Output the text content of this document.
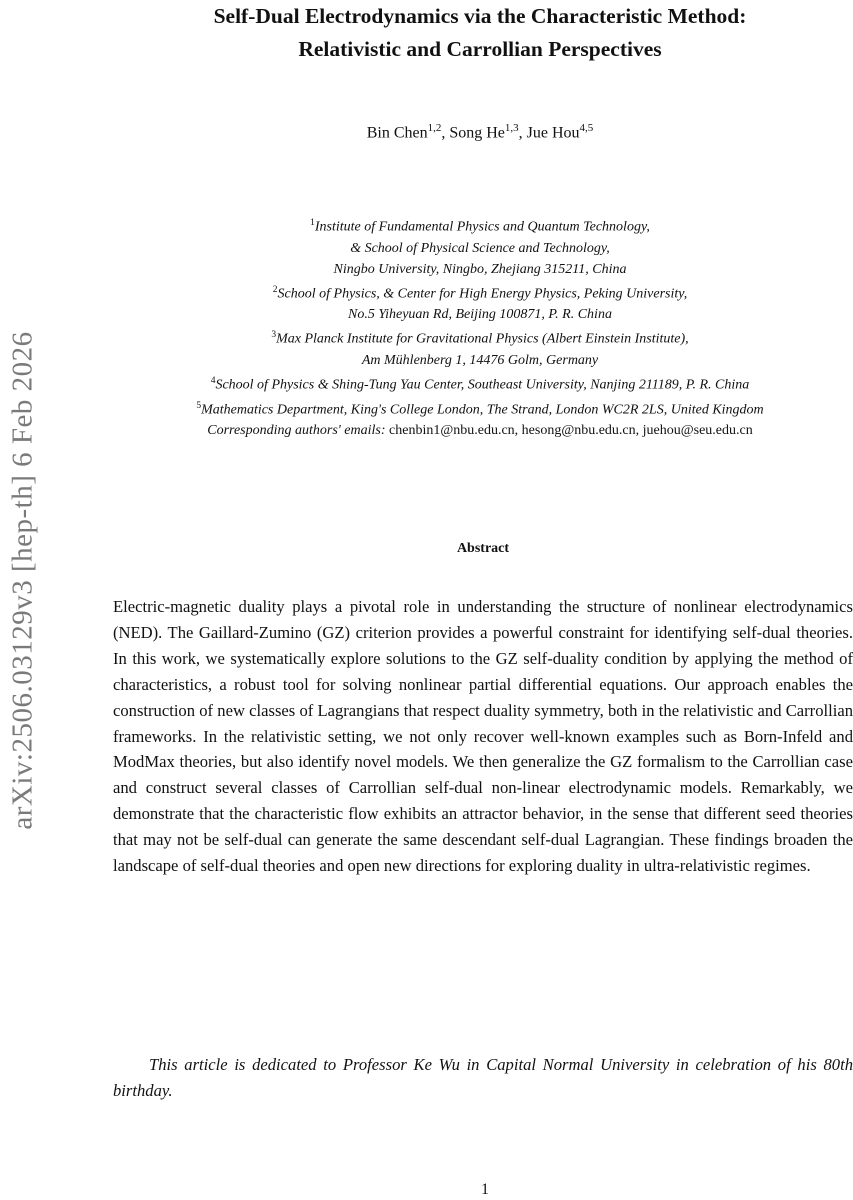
arXiv:2506.03129v3 [hep-th] 6 Feb 2026
Self-Dual Electrodynamics via the Characteristic Method:
Relativistic and Carrollian Perspectives
Bin Chen$^{1,2}$, Song He$^{1,3}$, Jue Hou$^{4,5}$
$^1$Institute of Fundamental Physics and Quantum Technology,
& School of Physical Science and Technology,
Ningbo University, Ningbo, Zhejiang 315211, China
$^2$School of Physics, & Center for High Energy Physics, Peking University,
No.5 Yiheyuan Rd, Beijing 100871, P. R. China
$^3$Max Planck Institute for Gravitational Physics (Albert Einstein Institute),
Am Mühlenberg 1, 14476 Golm, Germany
$^4$School of Physics & Shing-Tung Yau Center, Southeast University, Nanjing 211189, P. R. China
$^5$Mathematics Department, King's College London, The Strand, London WC2R 2LS, United Kingdom
Corresponding authors' emails: chenbin1@nbu.edu.cn, hesong@nbu.edu.cn, juehou@seu.edu.cn
Abstract

Electric-magnetic duality plays a pivotal role in understanding the structure of nonlinear electrodynamics (NED). The Gaillard-Zumino (GZ) criterion provides a powerful constraint for identifying self-dual theories. In this work, we systematically explore solutions to the GZ self-duality condition by applying the method of characteristics, a robust tool for solving nonlinear partial differential equations. Our approach enables the construction of new classes of Lagrangians that respect duality symmetry, both in the relativistic and Carrollian frameworks. In the relativistic setting, we not only recover well-known examples such as Born-Infeld and ModMax theories, but also identify novel models. We then generalize the GZ formalism to the Carrollian case and construct several classes of Carrollian self-dual non-linear electrodynamic models. Remarkably, we demonstrate that the characteristic flow exhibits an attractor behavior, in the sense that different seed theories that may not be self-dual can generate the same descendant self-dual Lagrangian. These findings broaden the landscape of self-dual theories and open new directions for exploring duality in ultra-relativistic regimes.

This article is dedicated to Professor Ke Wu in Capital Normal University in celebration of his 80th birthday.

1
